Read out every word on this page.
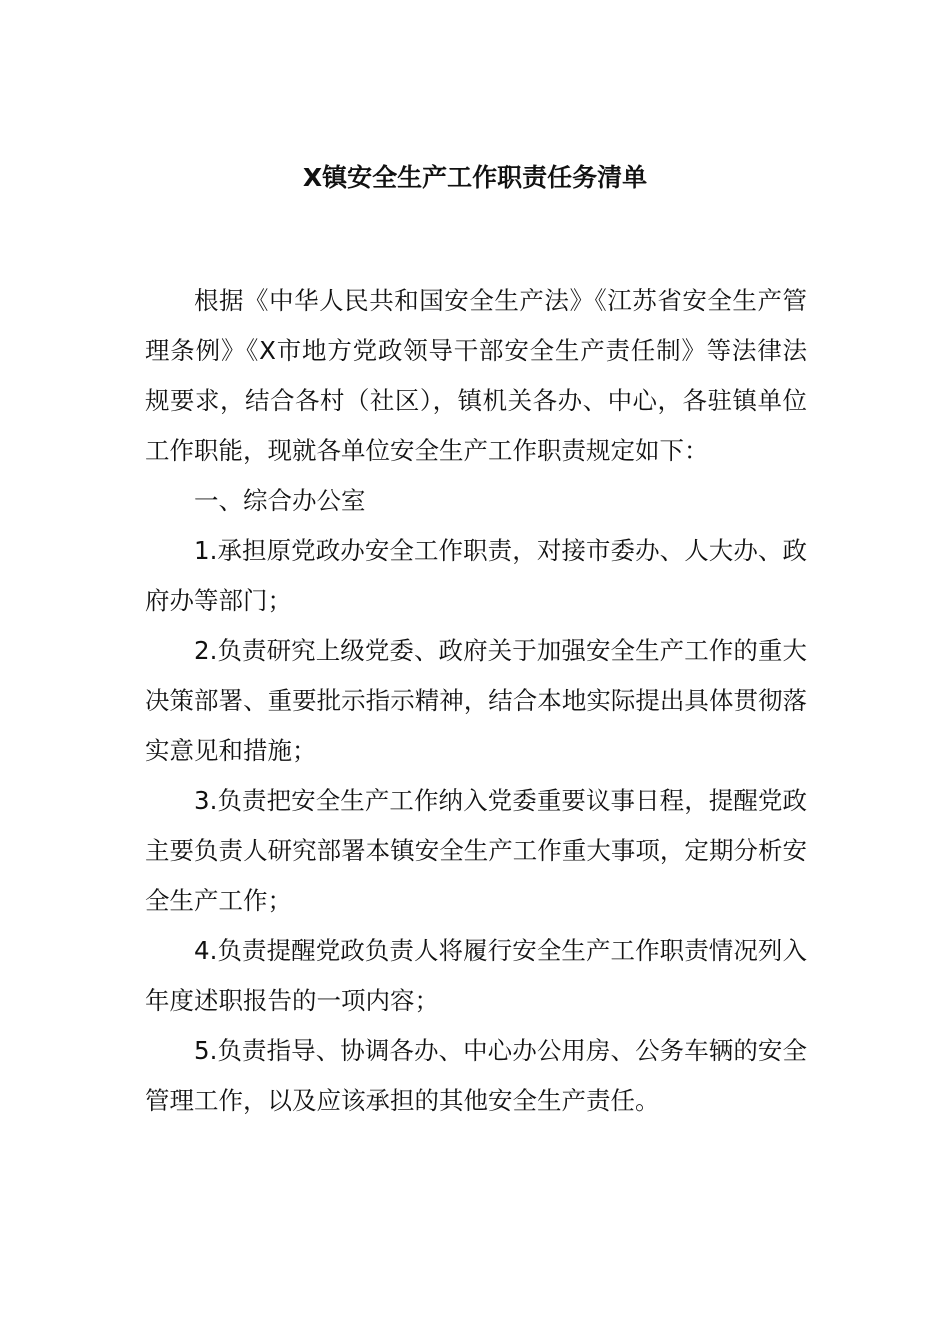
X镇安全生产工作职责任务清单

根据《中华人民共和国安全生产法》《江苏省安全生产管理条例》《X市地方党政领导干部安全生产责任制》等法律法规要求，结合各村（社区），镇机关各办、中心，各驻镇单位工作职能，现就各单位安全生产工作职责规定如下：

一、综合办公室

1.承担原党政办安全工作职责，对接市委办、人大办、政府办等部门；

2.负责研究上级党委、政府关于加强安全生产工作的重大决策部署、重要批示指示精神，结合本地实际提出具体贯彻落实意见和措施；

3.负责把安全生产工作纳入党委重要议事日程，提醒党政主要负责人研究部署本镇安全生产工作重大事项，定期分析安全生产工作；

4.负责提醒党政负责人将履行安全生产工作职责情况列入年度述职报告的一项内容；

5.负责指导、协调各办、中心办公用房、公务车辆的安全管理工作，以及应该承担的其他安全生产责任。
